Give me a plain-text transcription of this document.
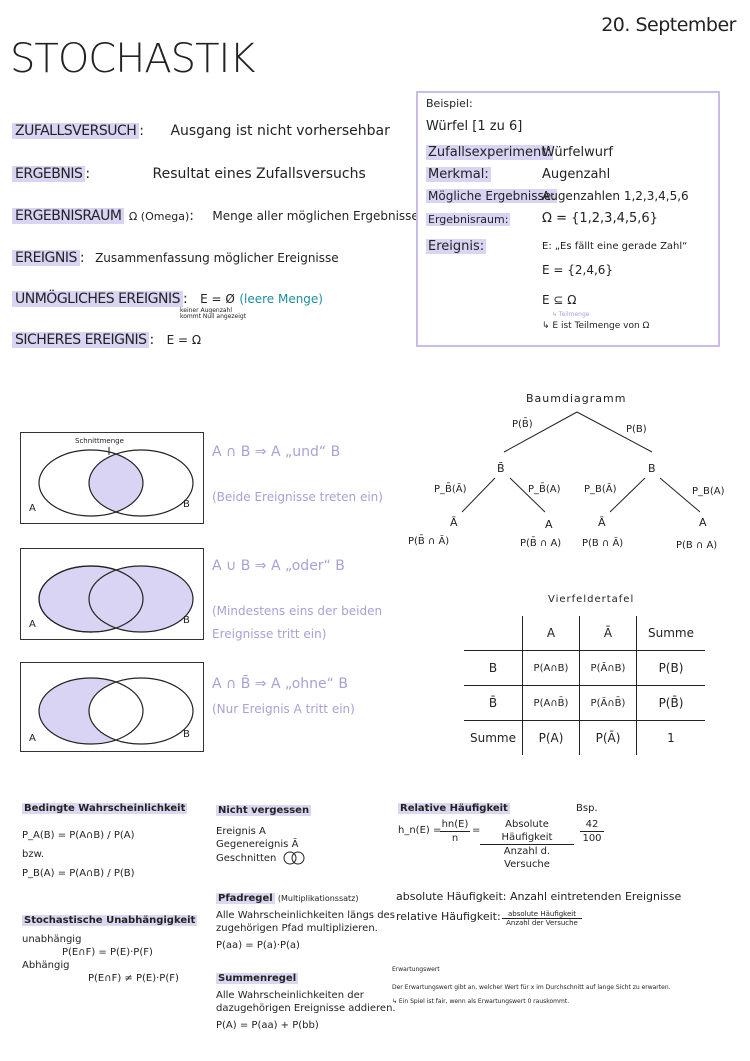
20. September
STOCHASTIK
ZUFALLSVERSUCH : Ausgang ist nicht vorhersehbar
ERGEBNIS :	Resultat eines Zufallsversuchs
ERGEBNISRAUM Ω (Omega): Menge aller möglichen Ergebnisse
EREIGNIS : Zusammenfassung möglicher Ereignisse
UNMÖGLICHES EREIGNIS : E = Ø (leere Menge)
keiner Augenzahl
kommt Null angezeigt
SICHERES EREIGNIS : E = Ω
Beispiel:
Würfel [1 zu 6]
Zufallsexperiment:
Würfelwurf
Merkmal:	Augenzahl
Mögliche Ergebnisse:
Augenzahlen 1,2,3,4,5,6
Ergebnisraum:	Ω = {1,2,3,4,5,6}
Ereignis:	E: „Es fällt eine gerade Zahl“
E = {2,4,6}
E ⊆ Ω
↳ Teilmenge
↳ E ist Teilmenge von Ω
Schnittmenge
A	B
A ∩ B ⇒ A „und“ B
(Beide Ereignisse treten ein)
A	B
A ∪ B ⇒ A „oder“ B
(Mindestens eins der beiden
Ereignisse tritt ein)
A	B
A ∩ B̄ ⇒ A „ohne“ B
(Nur Ereignis A tritt ein)
Baumdiagramm
P(B̄)	P(B)
B̄	B
P_B̄(Ā)	P_B̄(A) P_B(Ā)	P_B(A)
Ā	A	Ā	A
P(B̄ ∩ Ā)	P(B̄ ∩ A) P(B ∩ Ā)	P(B ∩ A)
Vierfeldertafel
	A	Ā	Summe
B	P(A∩B)	P(Ā∩B)	P(B)
B̄	P(A∩B̄)	P(Ā∩B̄)	P(B̄)
Summe	P(A)	P(Ā)	1
Bedingte Wahrscheinlichkeit
P_A(B) = P(A∩B) / P(A)
bzw.
P_B(A) = P(A∩B) / P(B)
Stochastische Unabhängigkeit
unabhängig
P(E∩F) = P(E)·P(F)
Abhängig
P(E∩F) ≠ P(E)·P(F)
Nicht vergessen
Ereignis A
Gegenereignis Ā
Geschnitten
Pfadregel (Multiplikationssatz)
Alle Wahrscheinlichkeiten längs des
zugehörigen Pfad multiplizieren.
P(aa) = P(a)·P(a)
Summenregel
Alle Wahrscheinlichkeiten der
dazugehörigen Ereignisse addieren.
P(A) = P(aa) + P(bb)
Relative Häufigkeit
h_n(E) =
hn(E)
n
=
Absolute Häufigkeit
Anzahl d. Versuche
Bsp.
42
100
absolute Häufigkeit: Anzahl eintretenden Ereignisse
relative Häufigkeit:	absolute Häufigkeit
Anzahl der Versuche
Erwartungswert
Der Erwartungswert gibt an, welcher Wert für x im Durchschnitt auf lange Sicht zu erwarten.
↳ Ein Spiel ist fair, wenn als Erwartungswert 0 rauskommt.
